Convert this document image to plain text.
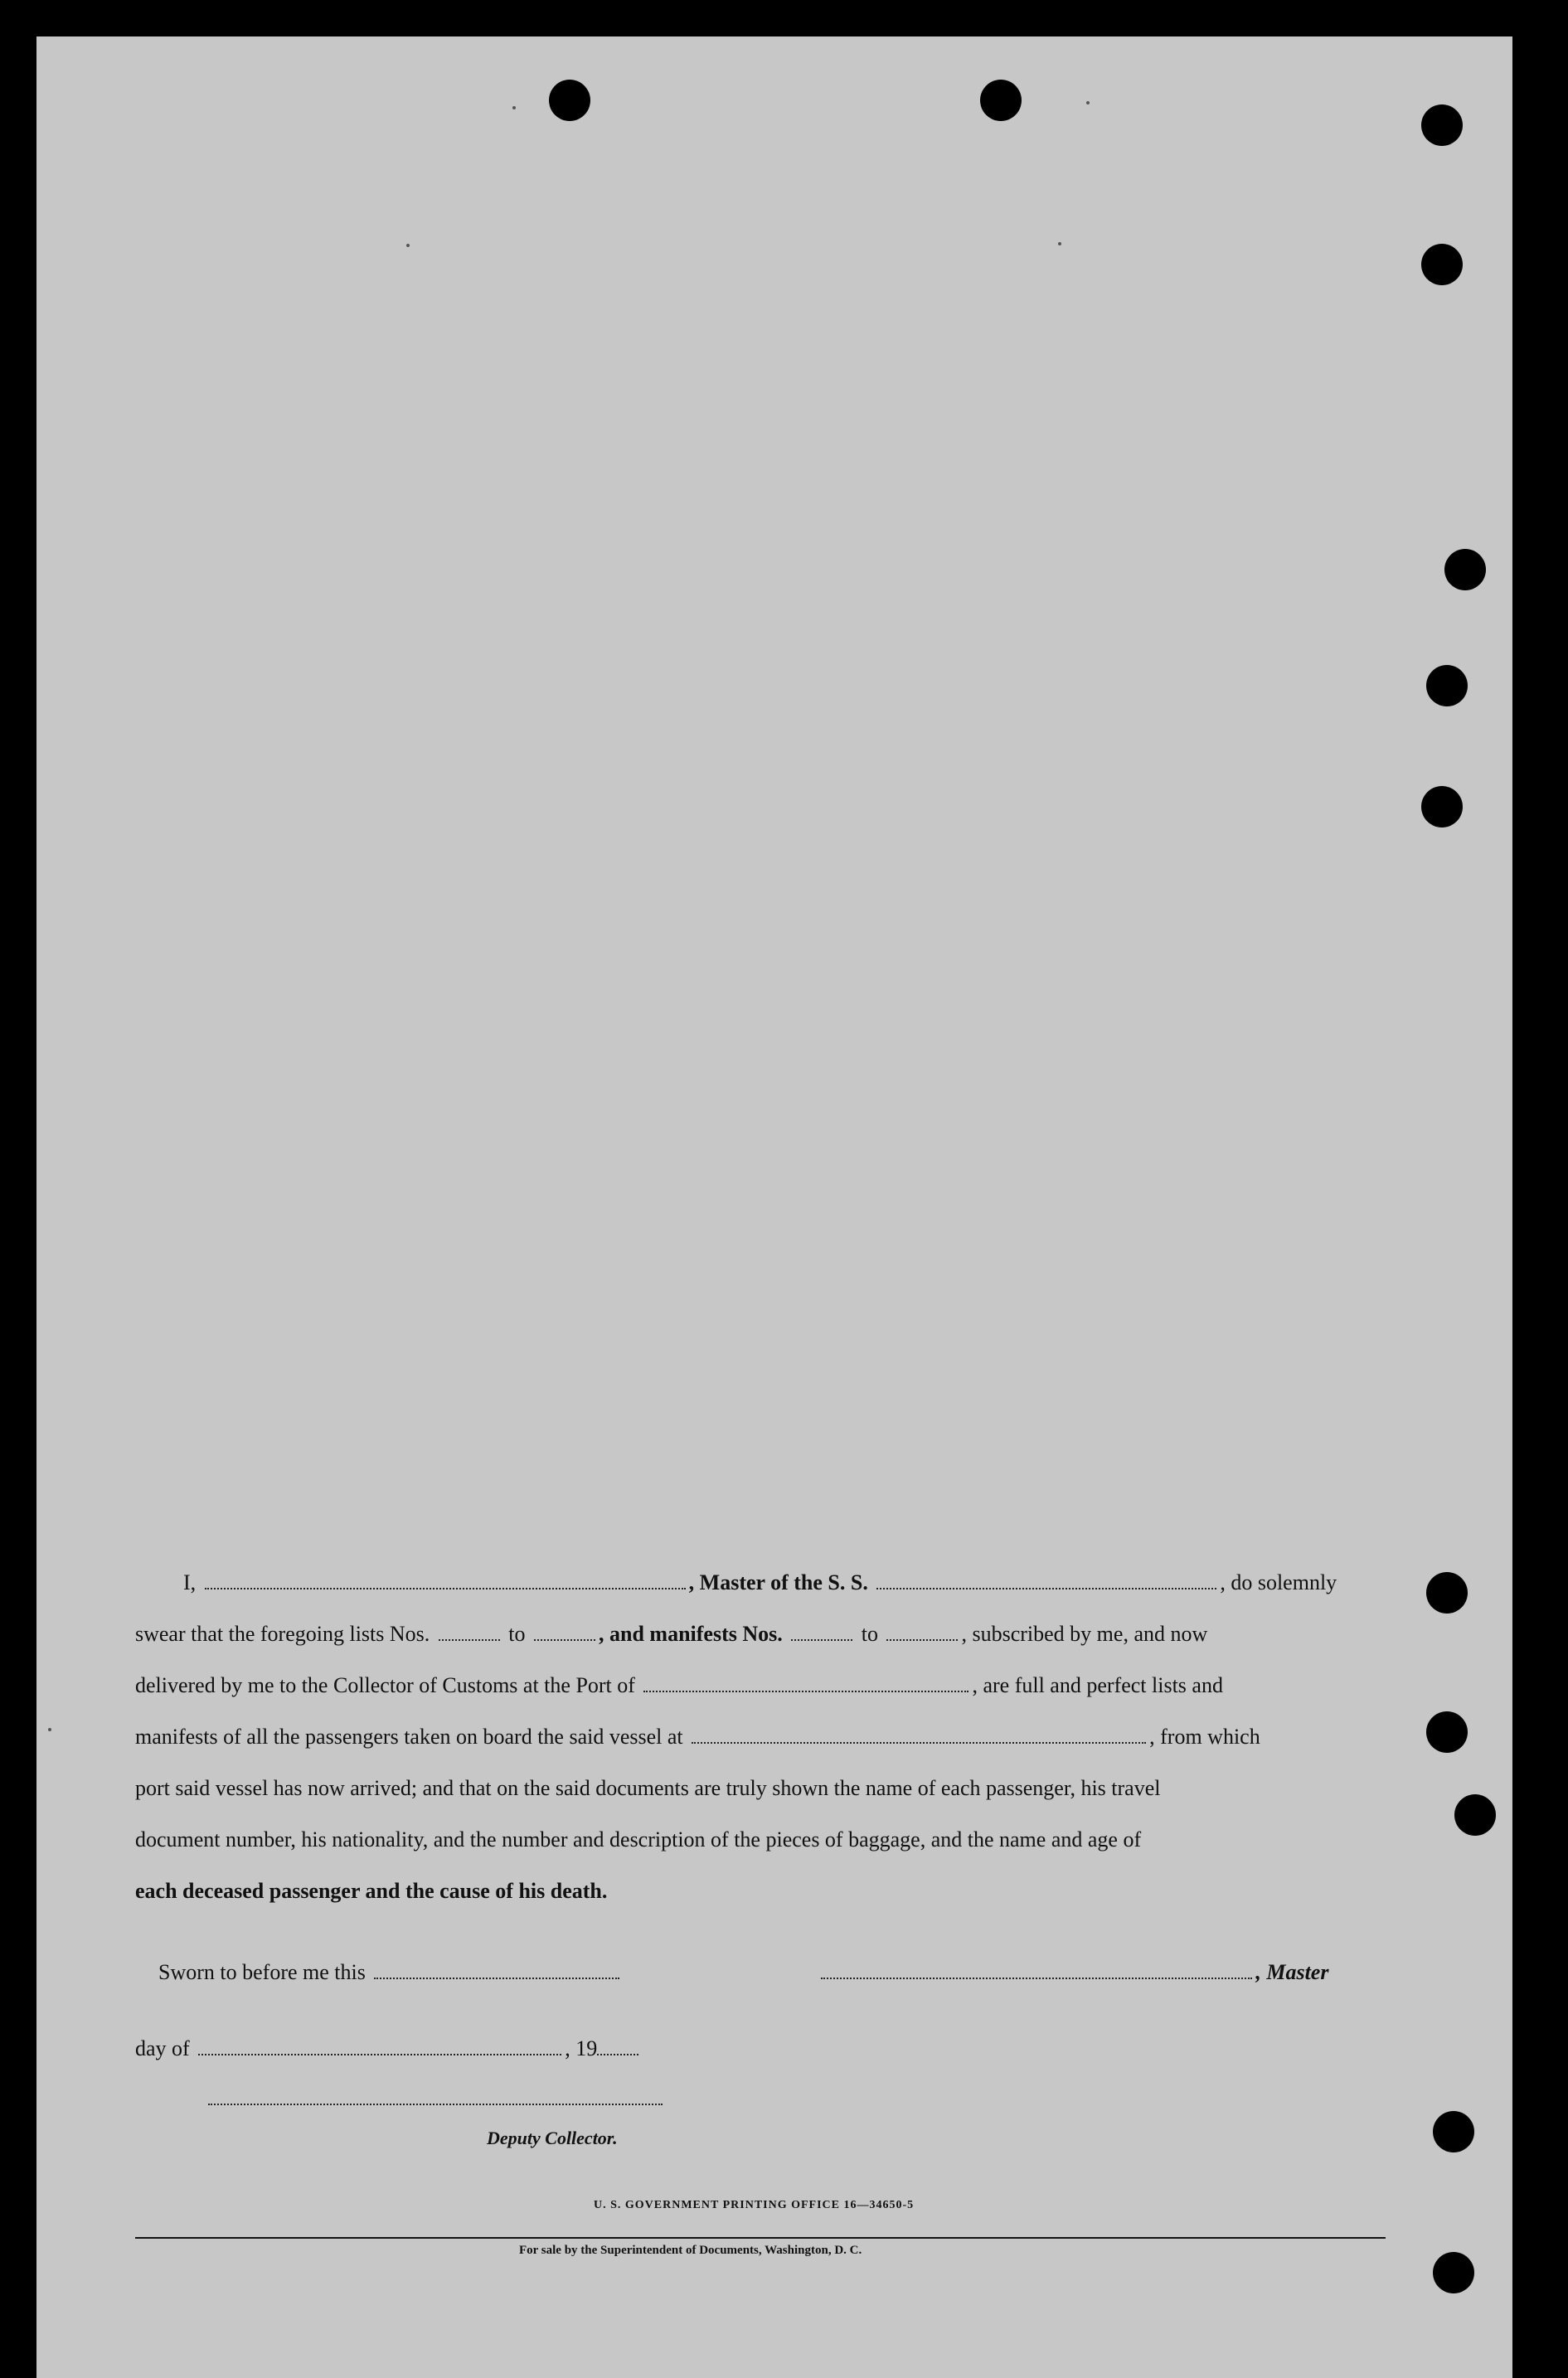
I,	, Master of the S. S.	, do solemnly
swear that the foregoing lists Nos.	to	, and manifests Nos.	to	, subscribed by me, and now
delivered by me to the Collector of Customs at the Port of	, are full and perfect lists and
manifests of all the passengers taken on board the said vessel at	, from which
port said vessel has now arrived; and that on the said documents are truly shown the name of each passenger, his travel
document number, his nationality, and the number and description of the pieces of baggage, and the name and age of
each deceased passenger and the cause of his death.
Sworn to before me this	, Master
day of	, 19
Deputy Collector.
U. S. GOVERNMENT PRINTING OFFICE 16—34650-5
For sale by the Superintendent of Documents, Washington, D. C.
